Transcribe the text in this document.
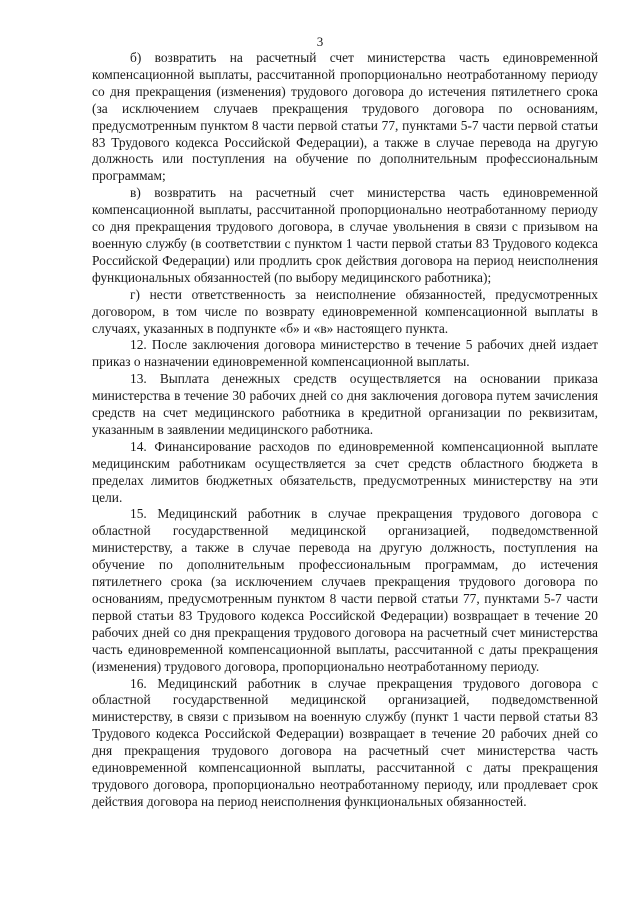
3

б) возвратить на расчетный счет министерства часть единовременной компенсационной выплаты, рассчитанной пропорционально неотработанному периоду со дня прекращения (изменения) трудового договора до истечения пятилетнего срока (за исключением случаев прекращения трудового договора по основаниям, предусмотренным пунктом 8 части первой статьи 77, пунктами 5-7 части первой статьи 83 Трудового кодекса Российской Федерации), а также в случае перевода на другую должность или поступления на обучение по дополнительным профессиональным программам;

в) возвратить на расчетный счет министерства часть единовременной компенсационной выплаты, рассчитанной пропорционально неотработанному периоду со дня прекращения трудового договора, в случае увольнения в связи с призывом на военную службу (в соответствии с пунктом 1 части первой статьи 83 Трудового кодекса Российской Федерации) или продлить срок действия договора на период неисполнения функциональных обязанностей (по выбору медицинского работника);

г) нести ответственность за неисполнение обязанностей, предусмотренных договором, в том числе по возврату единовременной компенсационной выплаты в случаях, указанных в подпункте «б» и «в» настоящего пункта.

12. После заключения договора министерство в течение 5 рабочих дней издает приказ о назначении единовременной компенсационной выплаты.

13. Выплата денежных средств осуществляется на основании приказа министерства в течение 30 рабочих дней со дня заключения договора путем зачисления средств на счет медицинского работника в кредитной организации по реквизитам, указанным в заявлении медицинского работника.

14. Финансирование расходов по единовременной компенсационной выплате медицинским работникам осуществляется за счет средств областного бюджета в пределах лимитов бюджетных обязательств, предусмотренных министерству на эти цели.

15. Медицинский работник в случае прекращения трудового договора с областной государственной медицинской организацией, подведомственной министерству, а также в случае перевода на другую должность, поступления на обучение по дополнительным профессиональным программам, до истечения пятилетнего срока (за исключением случаев прекращения трудового договора по основаниям, предусмотренным пунктом 8 части первой статьи 77, пунктами 5-7 части первой статьи 83 Трудового кодекса Российской Федерации) возвращает в течение 20 рабочих дней со дня прекращения трудового договора на расчетный счет министерства часть единовременной компенсационной выплаты, рассчитанной с даты прекращения (изменения) трудового договора, пропорционально неотработанному периоду.

16. Медицинский работник в случае прекращения трудового договора с областной государственной медицинской организацией, подведомственной министерству, в связи с призывом на военную службу (пункт 1 части первой статьи 83 Трудового кодекса Российской Федерации) возвращает в течение 20 рабочих дней со дня прекращения трудового договора на расчетный счет министерства часть единовременной компенсационной выплаты, рассчитанной с даты прекращения трудового договора, пропорционально неотработанному периоду, или продлевает срок действия договора на период неисполнения функциональных обязанностей.
